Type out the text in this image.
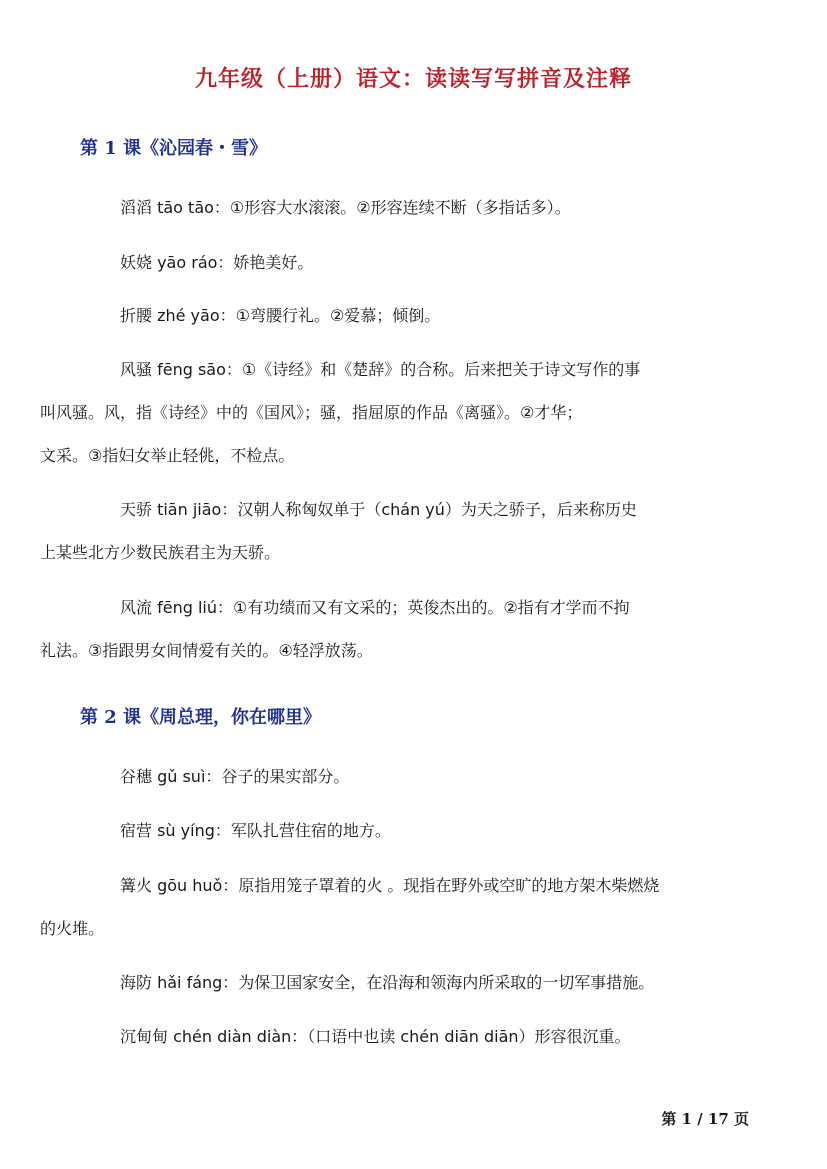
九年级（上册）语文：读读写写拼音及注释
第 1 课《沁园春・雪》

滔滔 tāo tāo：①形容大水滚滚。②形容连续不断（多指话多）。

妖娆 yāo ráo：娇艳美好。

折腰 zhé yāo：①弯腰行礼。②爱慕；倾倒。

风骚 fēng sāo：①《诗经》和《楚辞》的合称。后来把关于诗文写作的事
叫风骚。风，指《诗经》中的《国风》；骚，指屈原的作品《离骚》。②才华；
文采。③指妇女举止轻佻，不检点。

天骄 tiān jiāo：汉朝人称匈奴单于（chán yú）为天之骄子，后来称历史
上某些北方少数民族君主为天骄。

风流 fēng liú：①有功绩而又有文采的；英俊杰出的。②指有才学而不拘
礼法。③指跟男女间情爱有关的。④轻浮放荡。

第 2 课《周总理，你在哪里》

谷穗 gǔ suì：谷子的果实部分。

宿营 sù yíng：军队扎营住宿的地方。

篝火 gōu huǒ：原指用笼子罩着的火 。现指在野外或空旷的地方架木柴燃烧
的火堆。

海防 hǎi fáng：为保卫国家安全，在沿海和领海内所采取的一切军事措施。

沉甸甸 chén diàn diàn：（口语中也读 chén diān diān）形容很沉重。

第 1 / 17 页
